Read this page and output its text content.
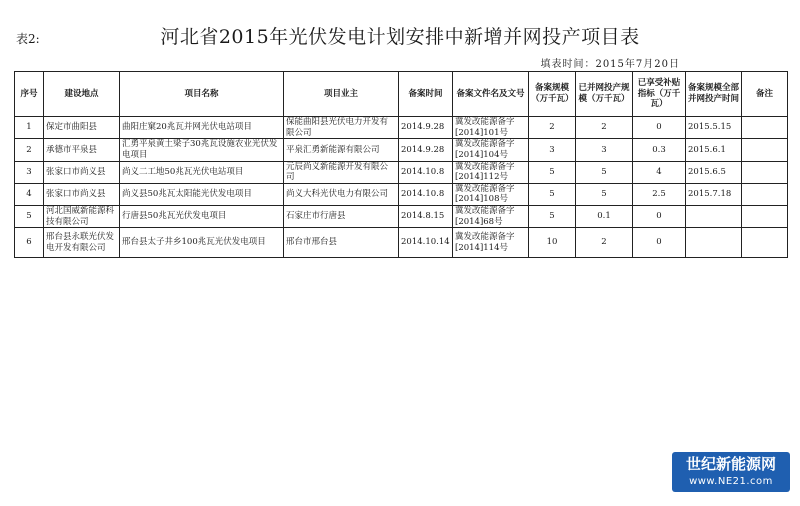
表2:	河北省2015年光伏发电计划安排中新增并网投产项目表
填表时间：2015年7月20日
序号	建设地点	项目名称	项目业主	备案时间	备案文件名及文号	备案规模（万千瓦）	已并网投产规模（万千瓦）	已享受补贴指标（万千瓦）	备案规模全部并网投产时间	备注
1	保定市曲阳县	曲阳庄窠20兆瓦并网光伏电站项目	保能曲阳县光伏电力开发有限公司	2014.9.28	冀发改能源备字[2014]101号	2	2	0	2015.5.15	
2	承德市平泉县	汇勇平泉黄土梁子30兆瓦设施农业光伏发电项目	平泉汇勇新能源有限公司	2014.9.28	冀发改能源备字[2014]104号	3	3	0.3	2015.6.1	
3	张家口市尚义县	尚义二工地50兆瓦光伏电站项目	元辰尚义新能源开发有限公司	2014.10.8	冀发改能源备字[2014]112号	5	5	4	2015.6.5	
4	张家口市尚义县	尚义县50兆瓦太阳能光伏发电项目	尚义大科光伏电力有限公司	2014.10.8	冀发改能源备字[2014]108号	5	5	2.5	2015.7.18	
5	河北国威新能源科技有限公司	行唐县50兆瓦光伏发电项目	石家庄市行唐县	2014.8.15	冀发改能源备字[2014]68号	5	0.1	0		
6	邢台县永联光伏发电开发有限公司	邢台县太子井乡100兆瓦光伏发电项目	邢台市邢台县	2014.10.14	冀发改能源备字[2014]114号	10	2	0		
世纪新能源网
www.NE21.com
